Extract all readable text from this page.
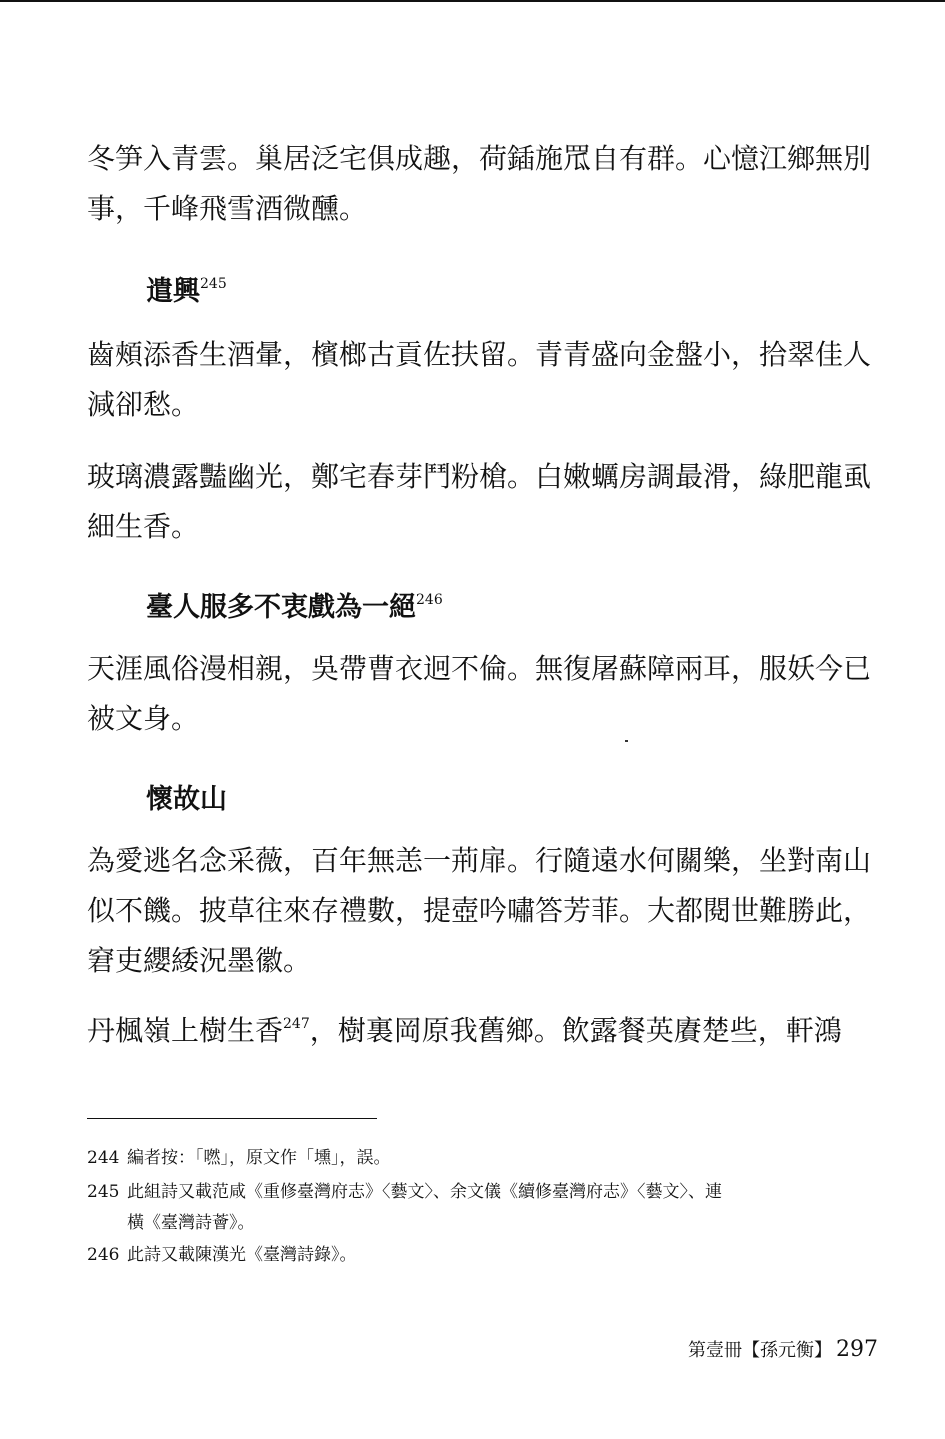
冬笋入青雲。巢居泛宅俱成趣，荷鍤施罛自有群。心憶江鄉無別
事，千峰飛雪酒微醺。
遣興$^{245}$
齒頰添香生酒暈，檳榔古貢佐扶留。青青盛向金盤小，拾翠佳人
減卻愁。
玻璃濃露豔幽光，鄭宅春芽鬥粉槍。白嫩蠣房調最滑，綠肥龍虱
細生香。
臺人服多不衷戲為一絕$^{246}$
天涯風俗漫相親，吳帶曹衣迥不倫。無復屠蘇障兩耳，服妖今已
被文身。
懷故山
為愛逃名念采薇，百年無恙一荊扉。行隨遠水何關樂，坐對南山
似不饑。披草往來存禮數，提壺吟嘯答芳菲。大都閱世難勝此，
窘吏纓緌況墨徽。
丹楓嶺上樹生香$^{247}$，樹裏岡原我舊鄉。飲露餐英賡楚些，軒鴻
244 編者按：「嘫」，原文作「壎」，誤。
245 此組詩又載范咸《重修臺灣府志》〈藝文〉、余文儀《續修臺灣府志》〈藝文〉、連
橫《臺灣詩薈》。
246 此詩又載陳漢光《臺灣詩錄》。
第壹冊【孫元衡】 297
